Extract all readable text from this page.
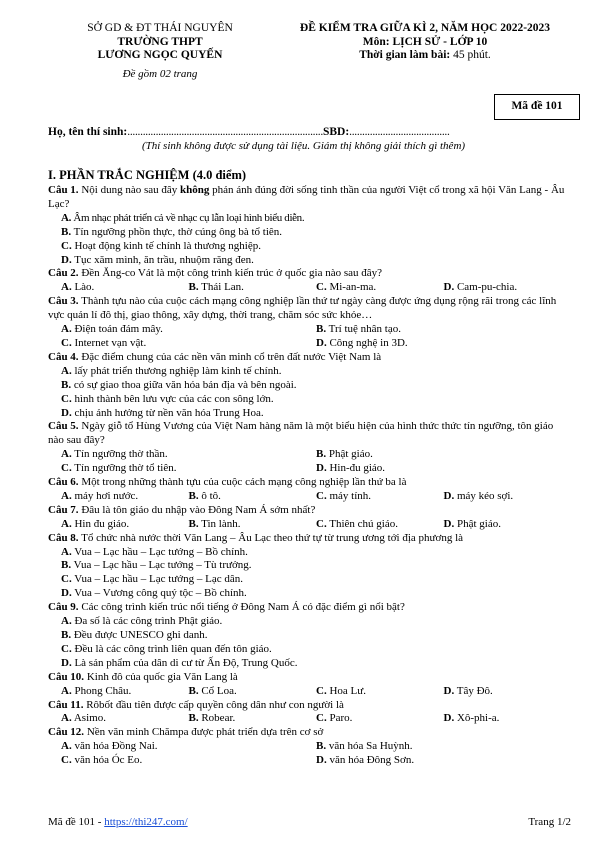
SỞ GD & ĐT THÁI NGUYÊN
TRƯỜNG THPT
LƯƠNG NGỌC QUYẾN
Đề gồm 02 trang
ĐỀ KIỂM TRA GIỮA KÌ 2, NĂM HỌC 2022-2023
Môn: LỊCH SỬ - LỚP 10
Thời gian làm bài: 45 phút.
Mã đề 101
Họ, tên thí sinh:............................................................................SBD:.......................................
(Thí sinh không được sử dụng tài liệu. Giám thị không giải thích gì thêm)
I. PHẦN TRẮC NGHIỆM (4.0 điểm)
Câu 1. Nội dung nào sau đây không phản ánh đúng đời sống tinh thần của người Việt cổ trong xã hội Văn Lang - Âu Lạc?
A. Âm nhạc phát triển cả về nhạc cụ lẫn loại hình biểu diễn.
B. Tín ngưỡng phồn thực, thờ cúng ông bà tổ tiên.
C. Hoạt động kinh tế chính là thương nghiệp.
D. Tục xăm mình, ăn trầu, nhuộm răng đen.
Câu 2. Đền Ăng-co Vát là một công trình kiến trúc ở quốc gia nào sau đây?
A. Lào.	B. Thái Lan.	C. Mi-an-ma.	D. Cam-pu-chia.
Câu 3. Thành tựu nào của cuộc cách mạng công nghiệp lần thứ tư ngày càng được ứng dụng rộng rãi trong các lĩnh vực quản lí đô thị, giao thông, xây dựng, thời trang, chăm sóc sức khỏe…
A. Điện toán đám mây.	B. Trí tuệ nhân tạo.
C. Internet vạn vật.	D. Công nghệ in 3D.
Câu 4. Đặc điểm chung của các nền văn minh cổ trên đất nước Việt Nam là
A. lấy phát triển thương nghiệp làm kinh tế chính.
B. có sự giao thoa giữa văn hóa bản địa và bên ngoài.
C. hình thành bên lưu vực của các con sông lớn.
D. chịu ảnh hưởng từ nền văn hóa Trung Hoa.
Câu 5. Ngày giỗ tổ Hùng Vương của Việt Nam hàng năm là một biểu hiện của hình thức thức tín ngưỡng, tôn giáo nào sau đây?
A. Tín ngưỡng thờ thần.	B. Phật giáo.
C. Tín ngưỡng thờ tổ tiên.	D. Hin-đu giáo.
Câu 6. Một trong những thành tựu của cuộc cách mạng công nghiệp lần thứ ba là
A. máy hơi nước.	B. ô tô.	C. máy tính.	D. máy kéo sợi.
Câu 7. Đâu là tôn giáo du nhập vào Đông Nam Á sớm nhất?
A. Hin đu giáo.	B. Tin lành.	C. Thiên chú giáo.	D. Phật giáo.
Câu 8. Tổ chức nhà nước thời Văn Lang – Âu Lạc theo thứ tự từ trung ương tới địa phương là
A. Vua – Lạc hầu – Lạc tướng – Bồ chính.
B. Vua – Lạc hầu – Lạc tướng – Tù trưởng.
C. Vua – Lạc hầu – Lạc tướng – Lạc dân.
D. Vua – Vương công quý tộc – Bồ chính.
Câu 9. Các công trình kiến trúc nổi tiếng ở Đông Nam Á có đặc điểm gì nổi bật?
A. Đa số là các công trình Phật giáo.
B. Đều được UNESCO ghi danh.
C. Đều là các công trình liên quan đến tôn giáo.
D. Là sản phẩm của dân di cư từ Ấn Độ, Trung Quốc.
Câu 10. Kinh đô của quốc gia Văn Lang là
A. Phong Châu.	B. Cổ Loa.	C. Hoa Lư.	D. Tây Đô.
Câu 11. Rôbốt đầu tiên được cấp quyền công dân như con người là
A. Asimo.	B. Robear.	C. Paro.	D. Xô-phi-a.
Câu 12. Nền văn minh Chămpa được phát triển dựa trên cơ sở
A. văn hóa Đồng Nai.	B. văn hóa Sa Huỳnh.
C. văn hóa Óc Eo.	D. văn hóa Đông Sơn.
Mã đề 101 - https://thi247.com/	Trang 1/2
